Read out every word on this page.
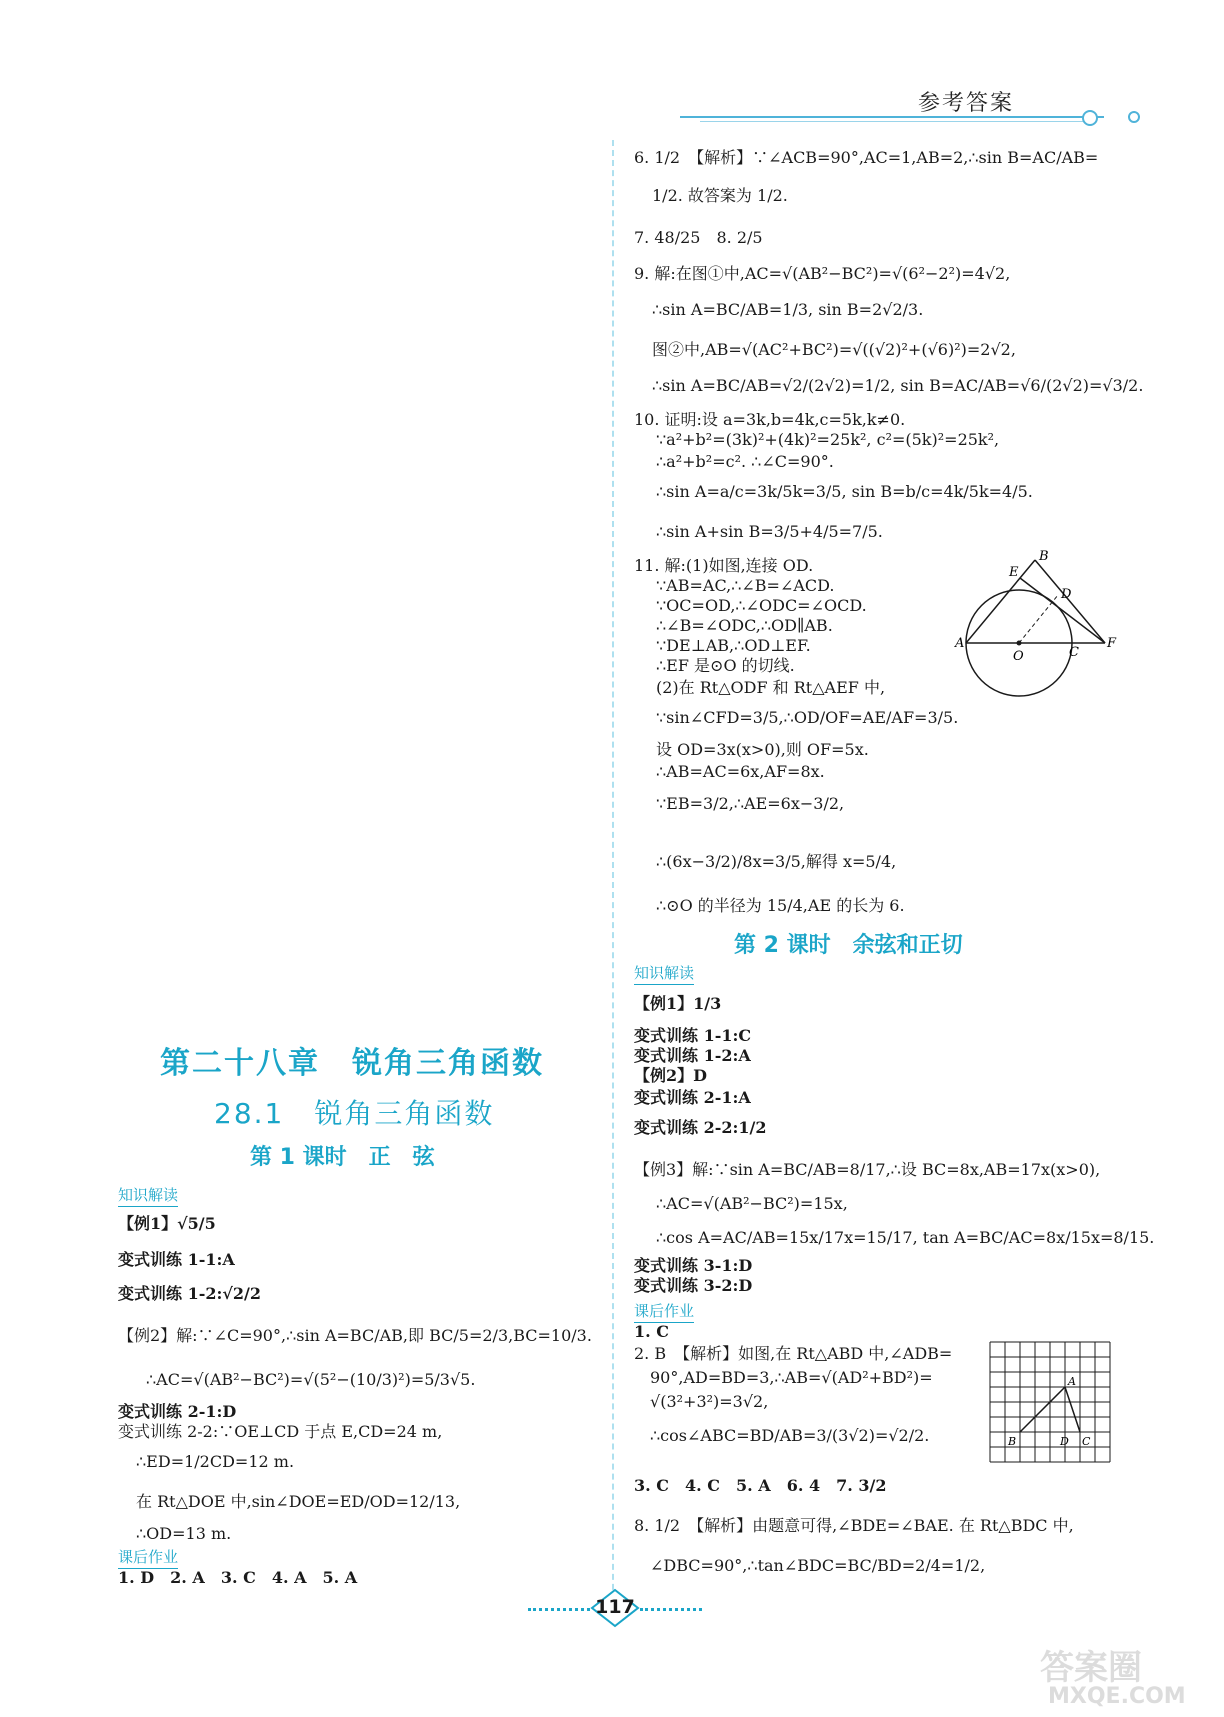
参考答案
6. 1/2　【解析】∵∠ACB=90°,AC=1,AB=2,∴sin B=AC/AB=
1/2. 故答案为 1/2.
7. 48/25　8. 2/5
9. 解:在图①中,AC=√(AB²−BC²)=√(6²−2²)=4√2,
∴sin A=BC/AB=1/3, sin B=2√2/3.
图②中,AB=√(AC²+BC²)=√((√2)²+(√6)²)=2√2,
∴sin A=BC/AB=√2/(2√2)=1/2, sin B=AC/AB=√6/(2√2)=√3/2.
10. 证明:设 a=3k,b=4k,c=5k,k≠0.
∵a²+b²=(3k)²+(4k)²=25k², c²=(5k)²=25k²,
∴a²+b²=c². ∴∠C=90°.
∴sin A=a/c=3k/5k=3/5, sin B=b/c=4k/5k=4/5.
∴sin A+sin B=3/5+4/5=7/5.
11. 解:(1)如图,连接 OD.
∵AB=AC,∴∠B=∠ACD.
∵OC=OD,∴∠ODC=∠OCD.
∴∠B=∠ODC,∴OD∥AB.
∵DE⊥AB,∴OD⊥EF.
∴EF 是⊙O 的切线.
(2)在 Rt△ODF 和 Rt△AEF 中,
∵sin∠CFD=3/5,∴OD/OF=AE/AF=3/5.
设 OD=3x(x>0),则 OF=5x.
∴AB=AC=6x,AF=8x.
∵EB=3/2,∴AE=6x−3/2,
∴(6x−3/2)/8x=3/5,解得 x=5/4,
∴⊙O 的半径为 15/4,AE 的长为 6.
B
E
D
A	F
O	C
第 2 课时　余弦和正切
知识解读
【例1】1/3
变式训练 1-1:C
变式训练 1-2:A
【例2】D
变式训练 2-1:A
变式训练 2-2:1/2
【例3】解:∵sin A=BC/AB=8/17,∴设 BC=8x,AB=17x(x>0),
∴AC=√(AB²−BC²)=15x,
∴cos A=AC/AB=15x/17x=15/17, tan A=BC/AC=8x/15x=8/15.
变式训练 3-1:D
变式训练 3-2:D
课后作业
1. C
2. B　【解析】如图,在 Rt△ABD 中,∠ADB=
90°,AD=BD=3,∴AB=√(AD²+BD²)=
√(3²+3²)=3√2,
∴cos∠ABC=BD/AB=3/(3√2)=√2/2.
3. C　4. C　5. A　6. 4　7. 3/2
8. 1/2　【解析】由题意可得,∠BDE=∠BAE. 在 Rt△BDC 中,
∠DBC=90°,∴tan∠BDC=BC/BD=2/4=1/2,
A
B	D C
第二十八章　锐角三角函数
28.1　锐角三角函数
第 1 课时　正　弦
知识解读
【例1】√5/5
变式训练 1-1:A
变式训练 1-2:√2/2
【例2】解:∵∠C=90°,∴sin A=BC/AB,即 BC/5=2/3,BC=10/3.
∴AC=√(AB²−BC²)=√(5²−(10/3)²)=5/3√5.
变式训练 2-1:D
变式训练 2-2:∵OE⊥CD 于点 E,CD=24 m,
∴ED=1/2CD=12 m.
在 Rt△DOE 中,sin∠DOE=ED/OD=12/13,
∴OD=13 m.
课后作业
1. D　2. A　3. C　4. A　5. A
117
答案圈
MXQE.COM
